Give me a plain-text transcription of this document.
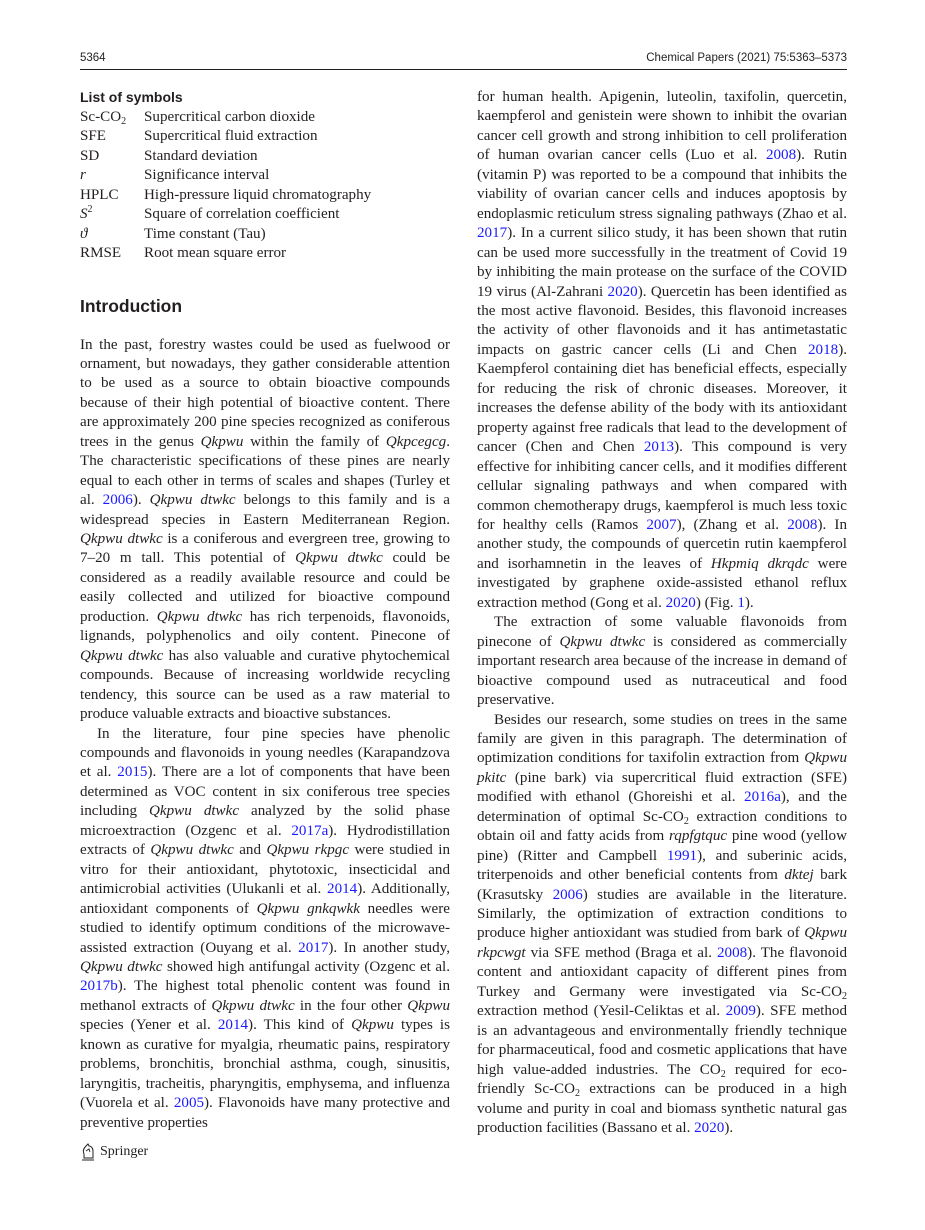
5364	Chemical Papers (2021) 75:5363–5373

List of symbols

$Sc-CO_2$	Supercritical carbon dioxide
SFE	Supercritical fluid extraction
SD	Standard deviation
r	Significance interval
HPLC	High-pressure liquid chromatography
$S^2$	Square of correlation coefficient
ϑ	Time constant (Tau)
RMSE	Root mean square error
Introduction

In the past, forestry wastes could be used as fuelwood or ornament, but nowadays, they gather considerable attention to be used as a source to obtain bioactive compounds because of their high potential of bioactive content. There are approximately 200 pine species recognized as coniferous trees in the genus Qkpwu within the family of Qkpcegcg. The characteristic specifications of these pines are nearly equal to each other in terms of scales and shapes (Turley et al. 2006). Qkpwu dtwkc belongs to this family and is a widespread species in Eastern Mediterranean Region. Qkpwu dtwkc is a coniferous and evergreen tree, growing to 7–20 m tall. This potential of Qkpwu dtwkc could be considered as a readily available resource and could be easily collected and utilized for bioactive compound production. Qkpwu dtwkc has rich terpenoids, flavonoids, lignands, polyphenolics and oily content. Pinecone of Qkpwu dtwkc has also valuable and curative phytochemical compounds. Because of increasing worldwide recycling tendency, this source can be used as a raw material to produce valuable extracts and bioactive substances.

In the literature, four pine species have phenolic compounds and flavonoids in young needles (Karapandzova et al. 2015). There are a lot of components that have been determined as VOC content in six coniferous tree species including Qkpwu dtwkc analyzed by the solid phase microextraction (Ozgenc et al. 2017a). Hydrodistillation extracts of Qkpwu dtwkc and Qkpwu rkpgc were studied in vitro for their antioxidant, phytotoxic, insecticidal and antimicrobial activities (Ulukanli et al. 2014). Additionally, antioxidant components of Qkpwu gnkqwkk needles were studied to identify optimum conditions of the microwave-assisted extraction (Ouyang et al. 2017). In another study, Qkpwu dtwkc showed high antifungal activity (Ozgenc et al. 2017b). The highest total phenolic content was found in methanol extracts of Qkpwu dtwkc in the four other Qkpwu species (Yener et al. 2014). This kind of Qkpwu types is known as curative for myalgia, rheumatic pains, respiratory problems, bronchitis, bronchial asthma, cough, sinusitis, laryngitis, tracheitis, pharyngitis, emphysema, and influenza (Vuorela et al. 2005). Flavonoids have many protective and preventive properties

for human health. Apigenin, luteolin, taxifolin, quercetin, kaempferol and genistein were shown to inhibit the ovarian cancer cell growth and strong inhibition to cell proliferation of human ovarian cancer cells (Luo et al. 2008). Rutin (vitamin P) was reported to be a compound that inhibits the viability of ovarian cancer cells and induces apoptosis by endoplasmic reticulum stress signaling pathways (Zhao et al. 2017). In a current silico study, it has been shown that rutin can be used more successfully in the treatment of Covid 19 by inhibiting the main protease on the surface of the COVID 19 virus (Al-Zahrani 2020). Quercetin has been identified as the most active flavonoid. Besides, this flavonoid increases the activity of other flavonoids and it has antimetastatic impacts on gastric cancer cells (Li and Chen 2018). Kaempferol containing diet has beneficial effects, especially for reducing the risk of chronic diseases. Moreover, it increases the defense ability of the body with its antioxidant property against free radicals that lead to the development of cancer (Chen and Chen 2013). This compound is very effective for inhibiting cancer cells, and it modifies different cellular signaling pathways and when compared with common chemotherapy drugs, kaempferol is much less toxic for healthy cells (Ramos 2007), (Zhang et al. 2008). In another study, the compounds of quercetin rutin kaempferol and isorhamnetin in the leaves of Hkpmiq dkrqdc were investigated by graphene oxide-assisted ethanol reflux extraction method (Gong et al. 2020) (Fig. 1).

The extraction of some valuable flavonoids from pinecone of Qkpwu dtwkc is considered as commercially important research area because of the increase in demand of bioactive compound used as nutraceutical and food preservative.

Besides our research, some studies on trees in the same family are given in this paragraph. The determination of optimization conditions for taxifolin extraction from Qkpwu pkitc (pine bark) via supercritical fluid extraction (SFE) modified with ethanol (Ghoreishi et al. 2016a), and the determination of optimal $Sc-CO_2$ extraction conditions to obtain oil and fatty acids from rqpfgtquc pine wood (yellow pine) (Ritter and Campbell 1991), and suberinic acids, triterpenoids and other beneficial contents from dktej bark (Krasutsky 2006) studies are available in the literature. Similarly, the optimization of extraction conditions to produce higher antioxidant was studied from bark of Qkpwu rkpcwgt via SFE method (Braga et al. 2008). The flavonoid content and antioxidant capacity of different pines from Turkey and Germany were investigated via $Sc-CO_2$ extraction method (Yesil-Celiktas et al. 2009). SFE method is an advantageous and environmentally friendly technique for pharmaceutical, food and cosmetic applications that have high value-added industries. The $CO_2$ required for eco-friendly $Sc-CO_2$ extractions can be produced in a high volume and purity in coal and biomass synthetic natural gas production facilities (Bassano et al. 2020).

Springer
